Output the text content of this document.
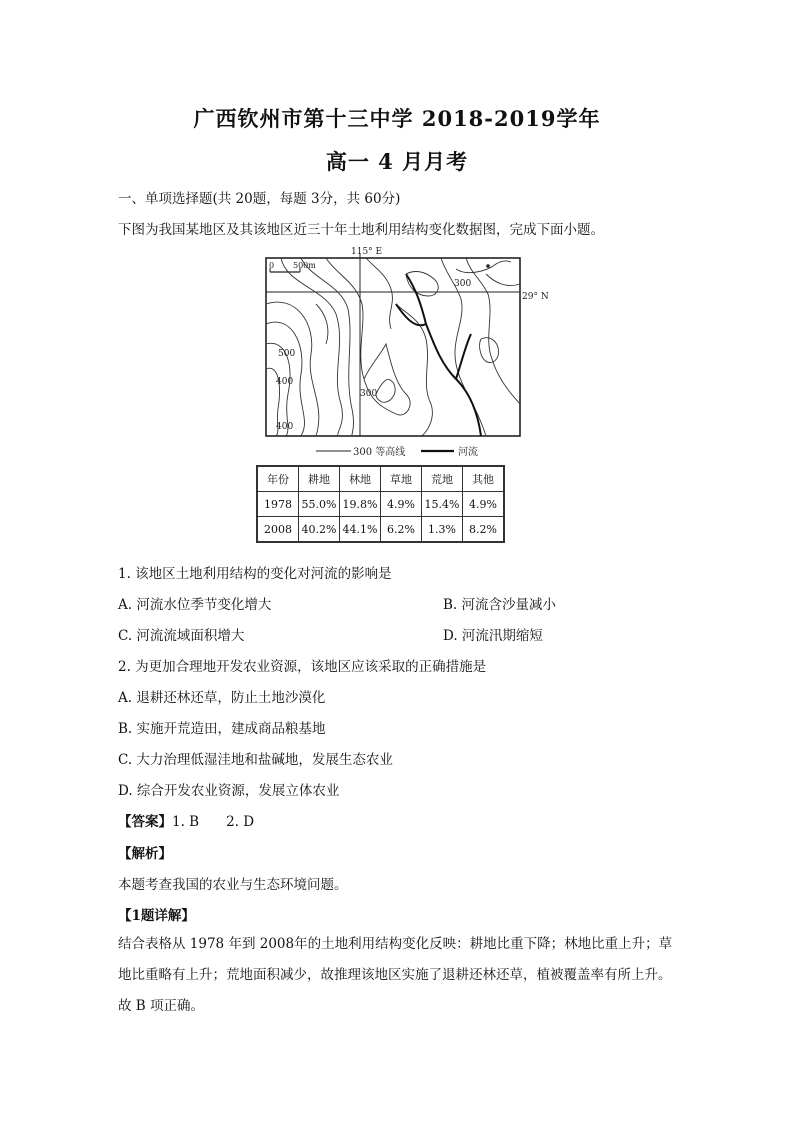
广西钦州市第十三中学 2018-2019学年
高一 4 月月考
一、单项选择题(共 20题，每题 3分，共 60分)
下图为我国某地区及其该地区近三十年土地利用结构变化数据图，完成下面小题。
0 500m
115° E
29° N
300
500
400
300
400
300 等高线	河流
年份	耕地	林地	草地	荒地	其他
1978	55.0%	19.8%	4.9%	15.4%	4.9%
2008	40.2%	44.1%	6.2%	1.3%	8.2%
1. 该地区土地利用结构的变化对河流的影响是
A. 河流水位季节变化增大	B. 河流含沙量减小
C. 河流流域面积增大	D. 河流汛期缩短
2. 为更加合理地开发农业资源，该地区应该采取的正确措施是
A. 退耕还林还草，防止土地沙漠化
B. 实施开荒造田，建成商品粮基地
C. 大力治理低湿洼地和盐碱地，发展生态农业
D. 综合开发农业资源，发展立体农业
【答案】1. B　　2. D
【解析】
本题考查我国的农业与生态环境问题。
【1题详解】
结合表格从 1978 年到 2008年的土地利用结构变化反映：耕地比重下降；林地比重上升；草地比重略有上升；荒地面积减少，故推理该地区实施了退耕还林还草，植被覆盖率有所上升。故 B 项正确。
